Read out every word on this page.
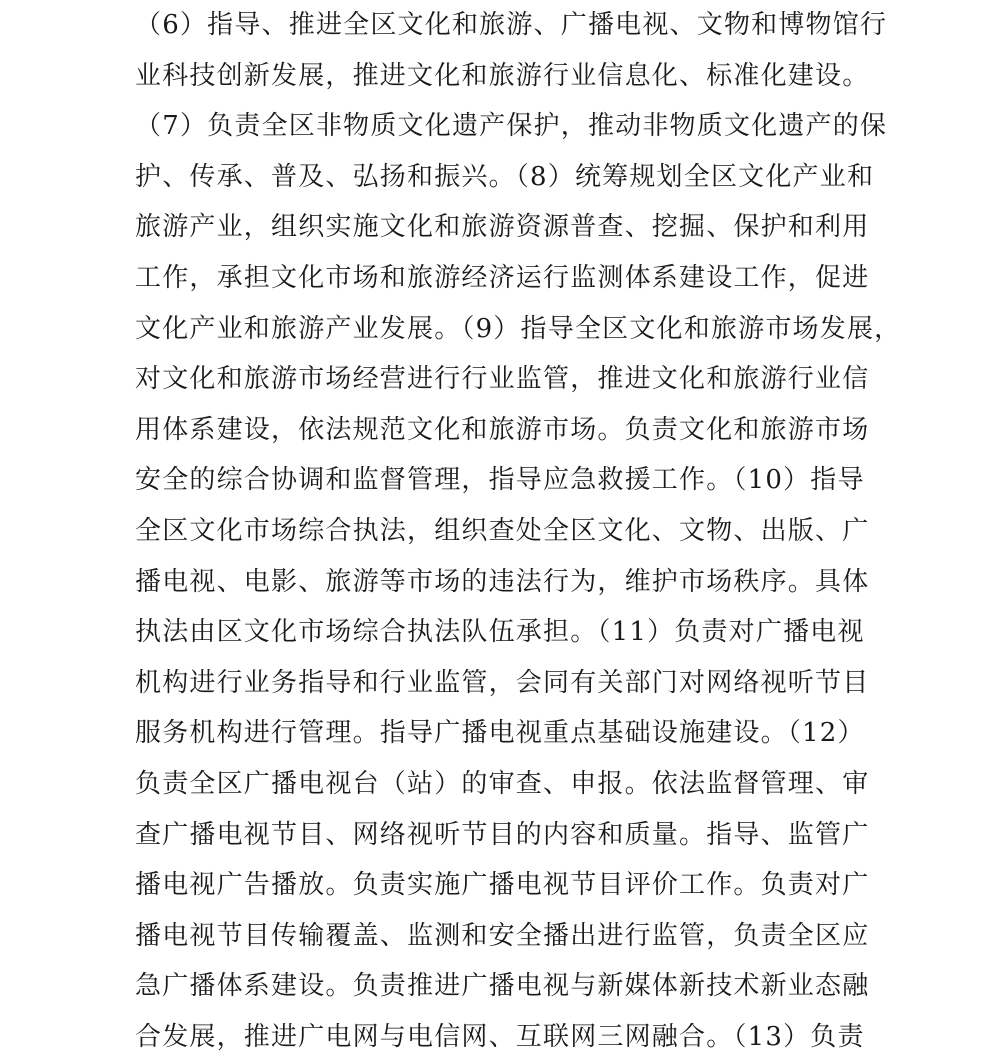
（6）指导、推进全区文化和旅游、广播电视、文物和博物馆行
业科技创新发展，推进文化和旅游行业信息化、标准化建设。
（7）负责全区非物质文化遗产保护，推动非物质文化遗产的保
护、传承、普及、弘扬和振兴。（8）统筹规划全区文化产业和
旅游产业，组织实施文化和旅游资源普查、挖掘、保护和利用
工作，承担文化市场和旅游经济运行监测体系建设工作，促进
文化产业和旅游产业发展。（9）指导全区文化和旅游市场发展，
对文化和旅游市场经营进行行业监管，推进文化和旅游行业信
用体系建设，依法规范文化和旅游市场。负责文化和旅游市场
安全的综合协调和监督管理，指导应急救援工作。（10）指导
全区文化市场综合执法，组织查处全区文化、文物、出版、广
播电视、电影、旅游等市场的违法行为，维护市场秩序。具体
执法由区文化市场综合执法队伍承担。（11）负责对广播电视
机构进行业务指导和行业监管，会同有关部门对网络视听节目
服务机构进行管理。指导广播电视重点基础设施建设。（12）
负责全区广播电视台（站）的审查、申报。依法监督管理、审
查广播电视节目、网络视听节目的内容和质量。指导、监管广
播电视广告播放。负责实施广播电视节目评价工作。负责对广
播电视节目传输覆盖、监测和安全播出进行监管，负责全区应
急广播体系建设。负责推进广播电视与新媒体新技术新业态融
合发展，推进广电网与电信网、互联网三网融合。（13）负责
